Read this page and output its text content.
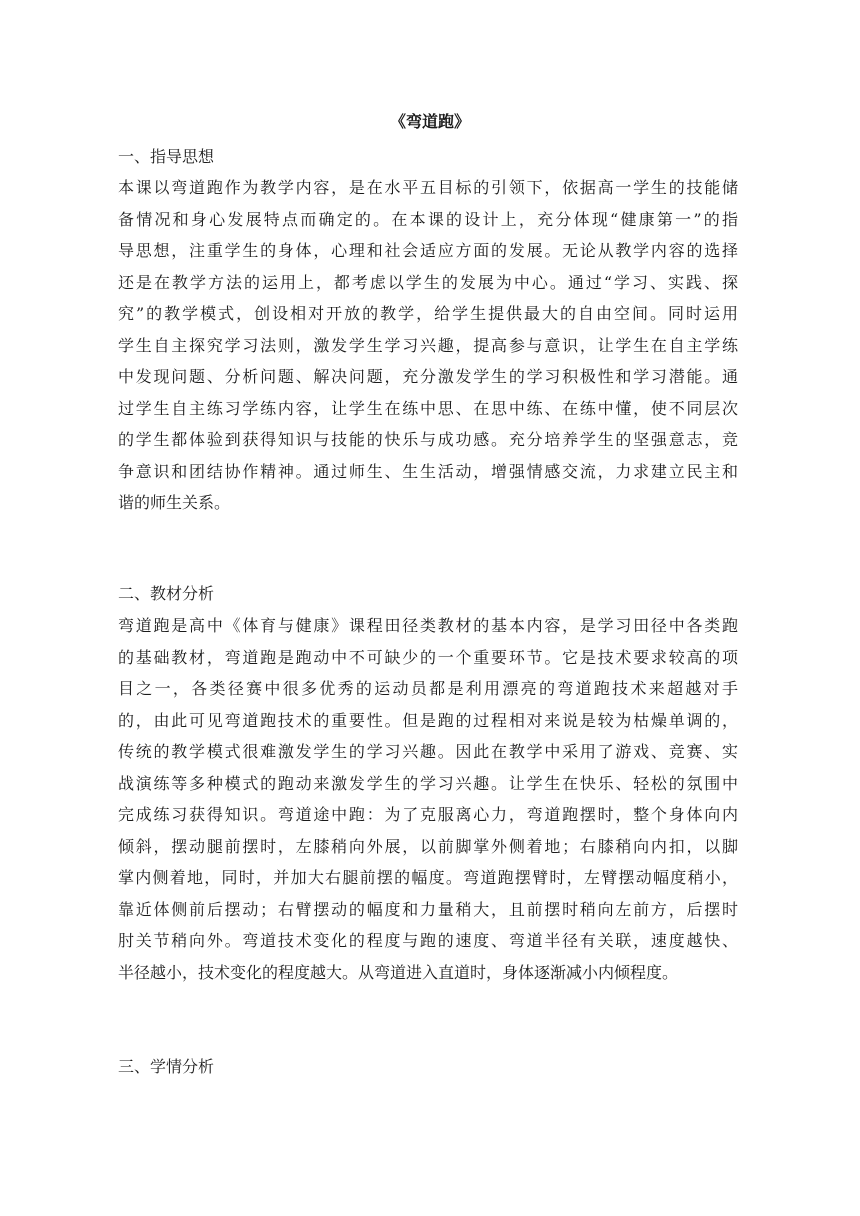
《弯道跑》
一、指导思想
本课以弯道跑作为教学内容，是在水平五目标的引领下，依据高一学生的技能储
备情况和身心发展特点而确定的。在本课的设计上，充分体现“健康第一”的指
导思想，注重学生的身体，心理和社会适应方面的发展。无论从教学内容的选择
还是在教学方法的运用上，都考虑以学生的发展为中心。通过“学习、实践、探
究”的教学模式，创设相对开放的教学，给学生提供最大的自由空间。同时运用
学生自主探究学习法则，激发学生学习兴趣，提高参与意识，让学生在自主学练
中发现问题、分析问题、解决问题，充分激发学生的学习积极性和学习潜能。通
过学生自主练习学练内容，让学生在练中思、在思中练、在练中懂，使不同层次
的学生都体验到获得知识与技能的快乐与成功感。充分培养学生的坚强意志，竞
争意识和团结协作精神。通过师生、生生活动，增强情感交流，力求建立民主和
谐的师生关系。
二、教材分析
弯道跑是高中《体育与健康》课程田径类教材的基本内容，是学习田径中各类跑
的基础教材，弯道跑是跑动中不可缺少的一个重要环节。它是技术要求较高的项
目之一，各类径赛中很多优秀的运动员都是利用漂亮的弯道跑技术来超越对手
的，由此可见弯道跑技术的重要性。但是跑的过程相对来说是较为枯燥单调的，
传统的教学模式很难激发学生的学习兴趣。因此在教学中采用了游戏、竞赛、实
战演练等多种模式的跑动来激发学生的学习兴趣。让学生在快乐、轻松的氛围中
完成练习获得知识。弯道途中跑：为了克服离心力，弯道跑摆时，整个身体向内
倾斜，摆动腿前摆时，左膝稍向外展，以前脚掌外侧着地；右膝稍向内扣，以脚
掌内侧着地，同时，并加大右腿前摆的幅度。弯道跑摆臂时，左臂摆动幅度稍小，
靠近体侧前后摆动；右臂摆动的幅度和力量稍大，且前摆时稍向左前方，后摆时
肘关节稍向外。弯道技术变化的程度与跑的速度、弯道半径有关联，速度越快、
半径越小，技术变化的程度越大。从弯道进入直道时，身体逐渐减小内倾程度。
三、学情分析
